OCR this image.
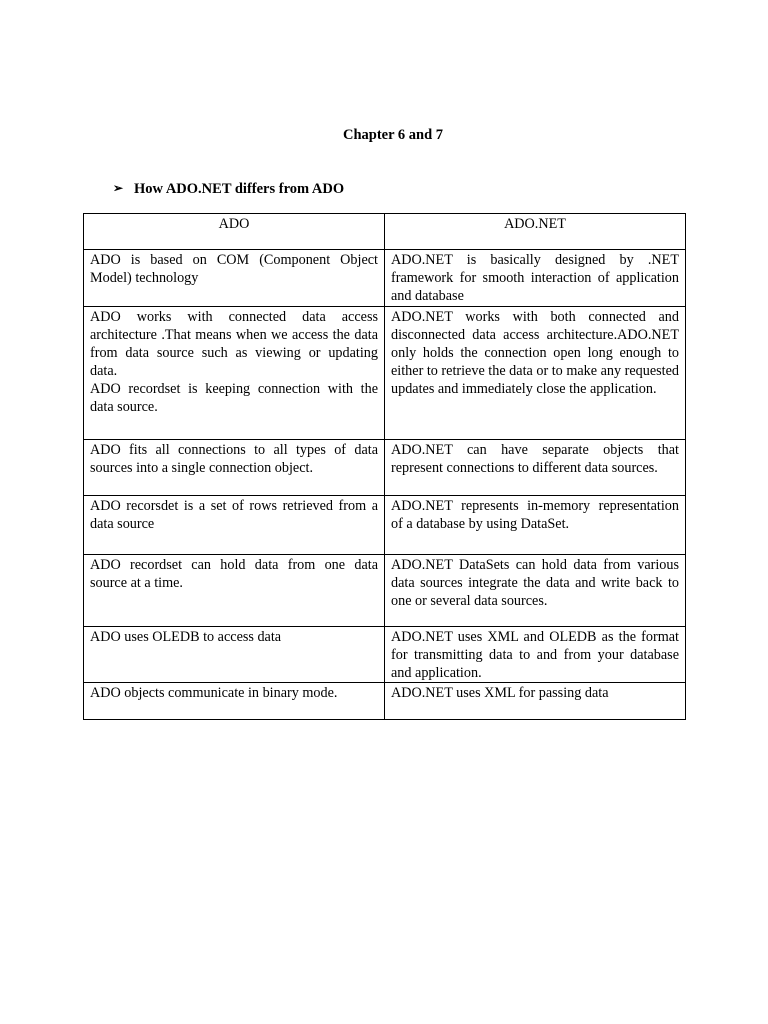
Chapter 6 and 7
➢ How ADO.NET differs from ADO
ADO	ADO.NET

ADO is based on COM (Component Object Model) technology	ADO.NET is basically designed by .NET framework for smooth interaction of application and database

ADO works with connected data access architecture .That means when we access the data from data source such as viewing or updating data.
ADO recordset is keeping connection with the data source.	ADO.NET works with both connected and disconnected data access architecture.ADO.NET only holds the connection open long enough to either to retrieve the data or to make any requested updates and immediately close the application.

ADO fits all connections to all types of data sources into a single connection object.	ADO.NET can have separate objects that represent connections to different data sources.

ADO recorsdet is a set of rows retrieved from a data source	ADO.NET represents in-memory representation of a database by using DataSet.

ADO recordset can hold data from one data source at a time.	ADO.NET DataSets can hold data from various data sources integrate the data and write back to one or several data sources.

ADO uses OLEDB to access data	ADO.NET uses XML and OLEDB as the format for transmitting data to and from your database and application.

ADO objects communicate in binary mode.	ADO.NET uses XML for passing data
